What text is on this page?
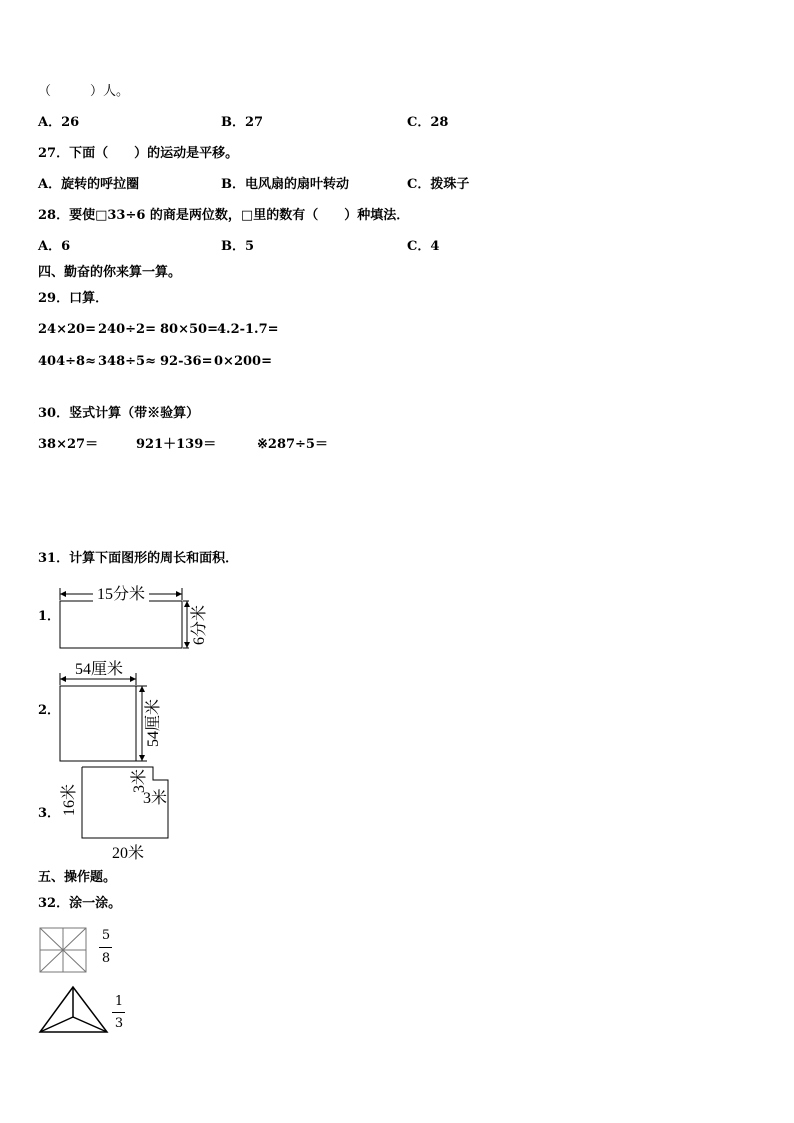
（　　　）人。
A．26	B．27	C．28
27．下面（　　）的运动是平移。
A．旋转的呼拉圈	B．电风扇的扇叶转动	C．拨珠子
28．要使□33÷6 的商是两位数，□里的数有（　　）种填法．
A．6	B．5	C．4
四、勤奋的你来算一算。
29．口算．
24×20= 240÷2= 80×50= 4.2-1.7=
404÷8≈ 348÷5≈ 92-36= 0×200=
30．竖式计算（带※验算）
38×27＝	921＋139＝	※287÷5＝
31．计算下面图形的周长和面积．
1．
15分米
6分米
2．
54厘米
54厘米
3． 16米
3米
3米
20米
五、操作题。
32．涂一涂。
5
8
1
3
